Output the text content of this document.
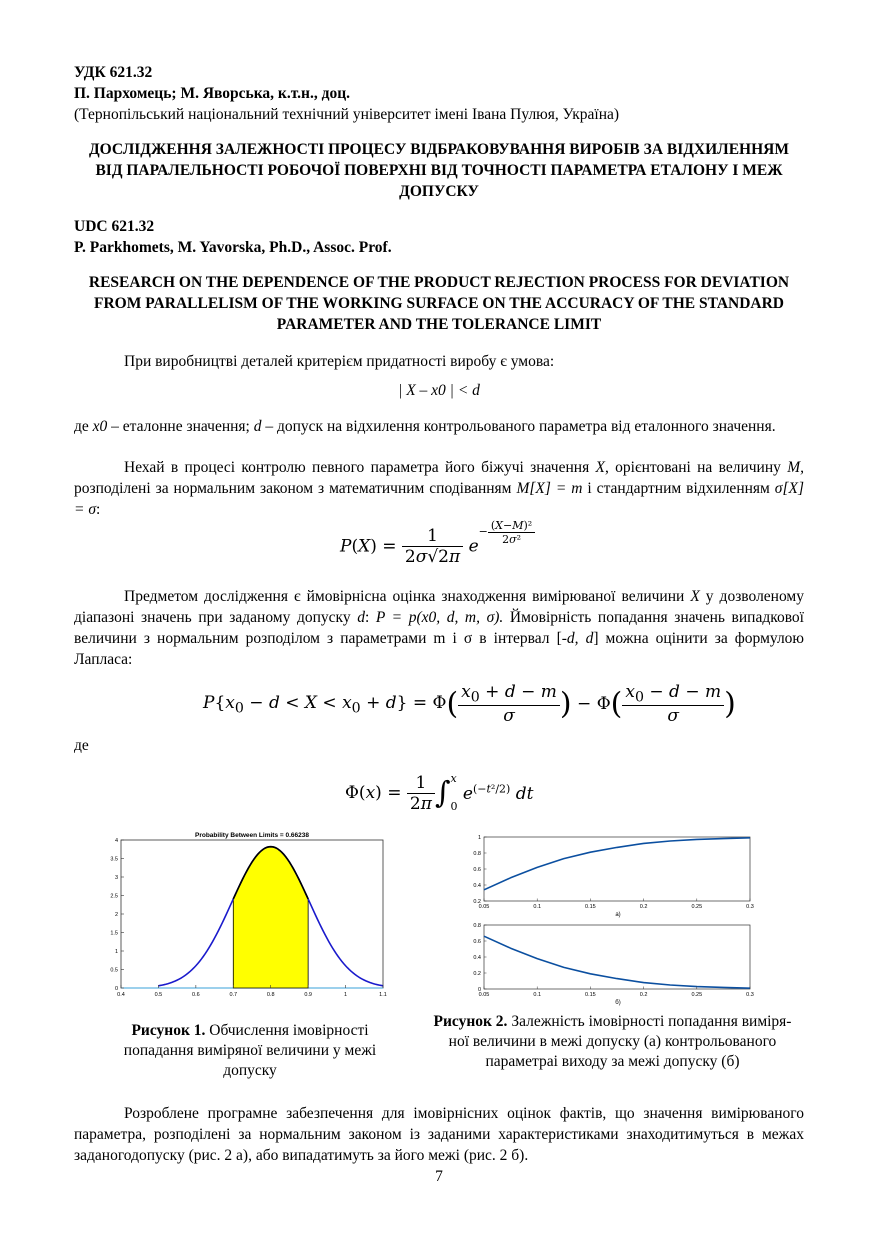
УДК 621.32
П. Пархомець; М. Яворська, к.т.н., доц.
(Тернопільський національний технічний університет імені Івана Пулюя, Україна)
ДОСЛІДЖЕННЯ ЗАЛЕЖНОСТІ ПРОЦЕСУ ВІДБРАКОВУВАННЯ ВИРОБІВ ЗА ВІДХИЛЕННЯМ ВІД ПАРАЛЕЛЬНОСТІ РОБОЧОЇ ПОВЕРХНІ ВІД ТОЧНОСТІ ПАРАМЕТРА ЕТАЛОНУ І МЕЖ ДОПУСКУ
UDC 621.32
P. Parkhomets, M. Yavorska, Ph.D., Assoc. Prof.
RESEARCH ON THE DEPENDENCE OF THE PRODUCT REJECTION PROCESS FOR DEVIATION FROM PARALLELISM OF THE WORKING SURFACE ON THE ACCURACY OF THE STANDARD PARAMETER AND THE TOLERANCE LIMIT
При виробництві деталей критерієм придатності виробу є умова:
| X – x0 | < d
де x0 – еталонне значення; d – допуск на відхилення контрольованого параметра від еталонного значення.
Нехай в процесі контролю певного параметра його біжучі значення X, орієнтовані на величину M, розподілені за нормальним законом з математичним сподіванням M[X] = m і стандартним відхиленням σ[X] = σ:
$P(X) = \frac{1}{2\sigma√2\pi} e^{- \frac{\text{(X−M)²}}{\text{2σ²}}}$
Предметом дослідження є ймовірнісна оцінка знаходження вимірюваної величини X у дозволеному діапазоні значень при заданому допуску d: P = p(x0, d, m, σ). Ймовірність попадання значень випадкової величини з нормальним розподілом з параметрами m і σ в інтервал [-d, d] можна оцінити за формулою Лапласа:
$P\{x_0 - d < X < x_0 + d\} = \Phi( \frac{x_0 + d - m}{\sigma}$ ) − $\Phi( \frac{x_0 - d - m}{\sigma}$ )
де
$\Phi(x) = \frac{1}{2\pi}$ ∫ x
0
$e^{(-t^2/2)}$ dt
Probability Between Limits = 0.66238
0.4	0.5	0.6	0.7	0.8	0.9	1	1.1
0
0.5
1
1.5
2
2.5
3
3.5
4
Рисунок 1. Обчислення імовірності попадання виміряної величини у межі допуску
0.05	0.1	0.15	0.2	0.25	0.3
0.2
0.4
0.6
0.8
1
а)
0.05	0.1	0.15	0.2	0.25	0.3
0
0.2
0.4
0.6
0.8
б)
Рисунок 2. Залежність імовірності попадання виміря-
ної величини в межі допуску (а) контрольованого параметраі виходу за межі допуску (б)
Розроблене програмне забезпечення для імовірнісних оцінок фактів, що значення вимірюваного параметра, розподілені за нормальним законом із заданими характеристиками знаходитимуться в межах заданогодопуску (рис. 2 а), або випадатимуть за його межі (рис. 2 б).
7
